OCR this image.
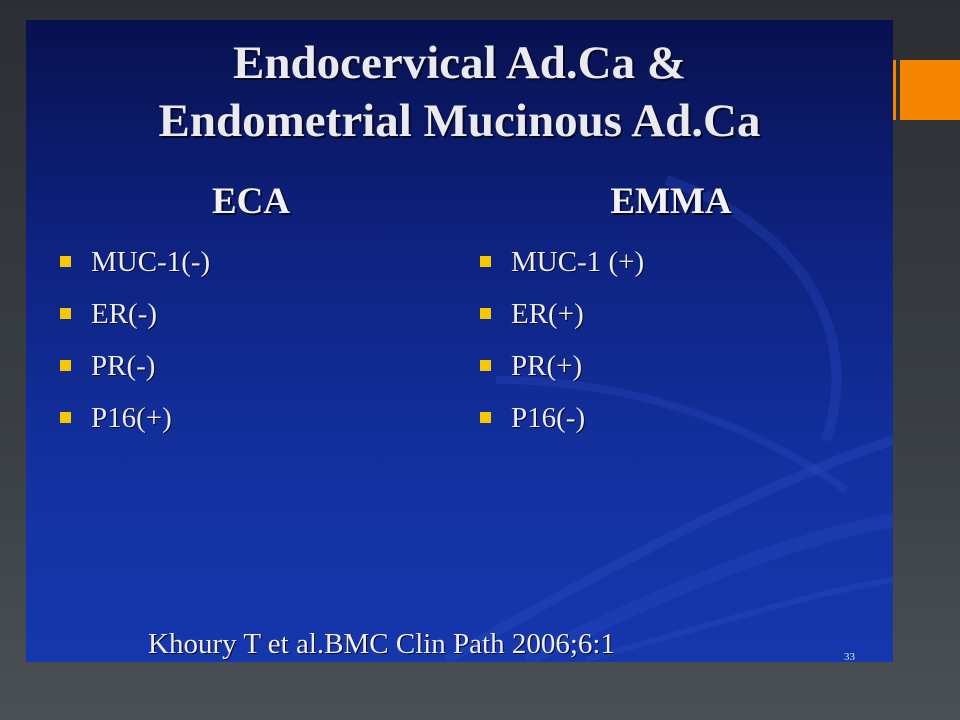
Endocervical Ad.Ca &
Endometrial Mucinous Ad.Ca
ECA
MUC-1(-)
ER(-)
PR(-)
P16(+)
EMMA
MUC-1 (+)
ER(+)
PR(+)
P16(-)
Khoury T et al.BMC Clin Path 2006;6:1	33
